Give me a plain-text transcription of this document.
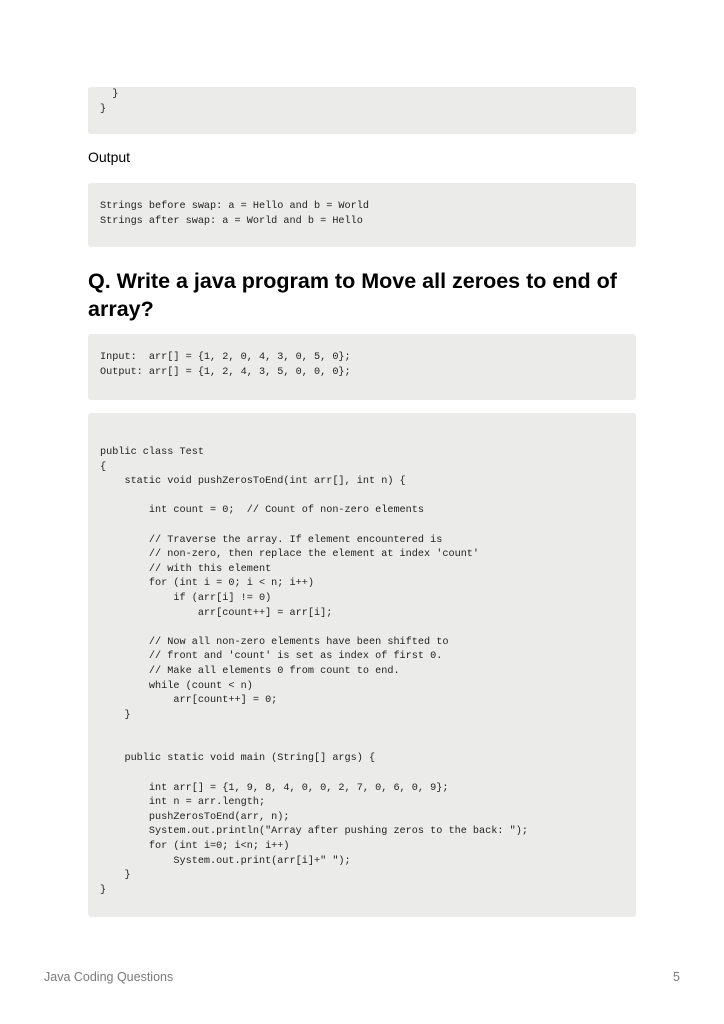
}
}
Output
Strings before swap: a = Hello and b = World
Strings after swap: a = World and b = Hello
Q. Write a java program to Move all zeroes to end of array?
Input:  arr[] = {1, 2, 0, 4, 3, 0, 5, 0};
Output: arr[] = {1, 2, 4, 3, 5, 0, 0, 0};
public class Test
{
static void pushZerosToEnd(int arr[], int n) {
int count = 0;  // Count of non-zero elements
// Traverse the array. If element encountered is
// non-zero, then replace the element at index 'count'
// with this element
for (int i = 0; i < n; i++)
if (arr[i] != 0)
arr[count++] = arr[i];
// Now all non-zero elements have been shifted to
// front and 'count' is set as index of first 0.
// Make all elements 0 from count to end.
while (count < n)
arr[count++] = 0;
}
public static void main (String[] args) {
int arr[] = {1, 9, 8, 4, 0, 0, 2, 7, 0, 6, 0, 9};
int n = arr.length;
pushZerosToEnd(arr, n);
System.out.println("Array after pushing zeros to the back: ");
for (int i=0; i<n; i++)
System.out.print(arr[i]+" ");
}
}
Java Coding Questions	5
